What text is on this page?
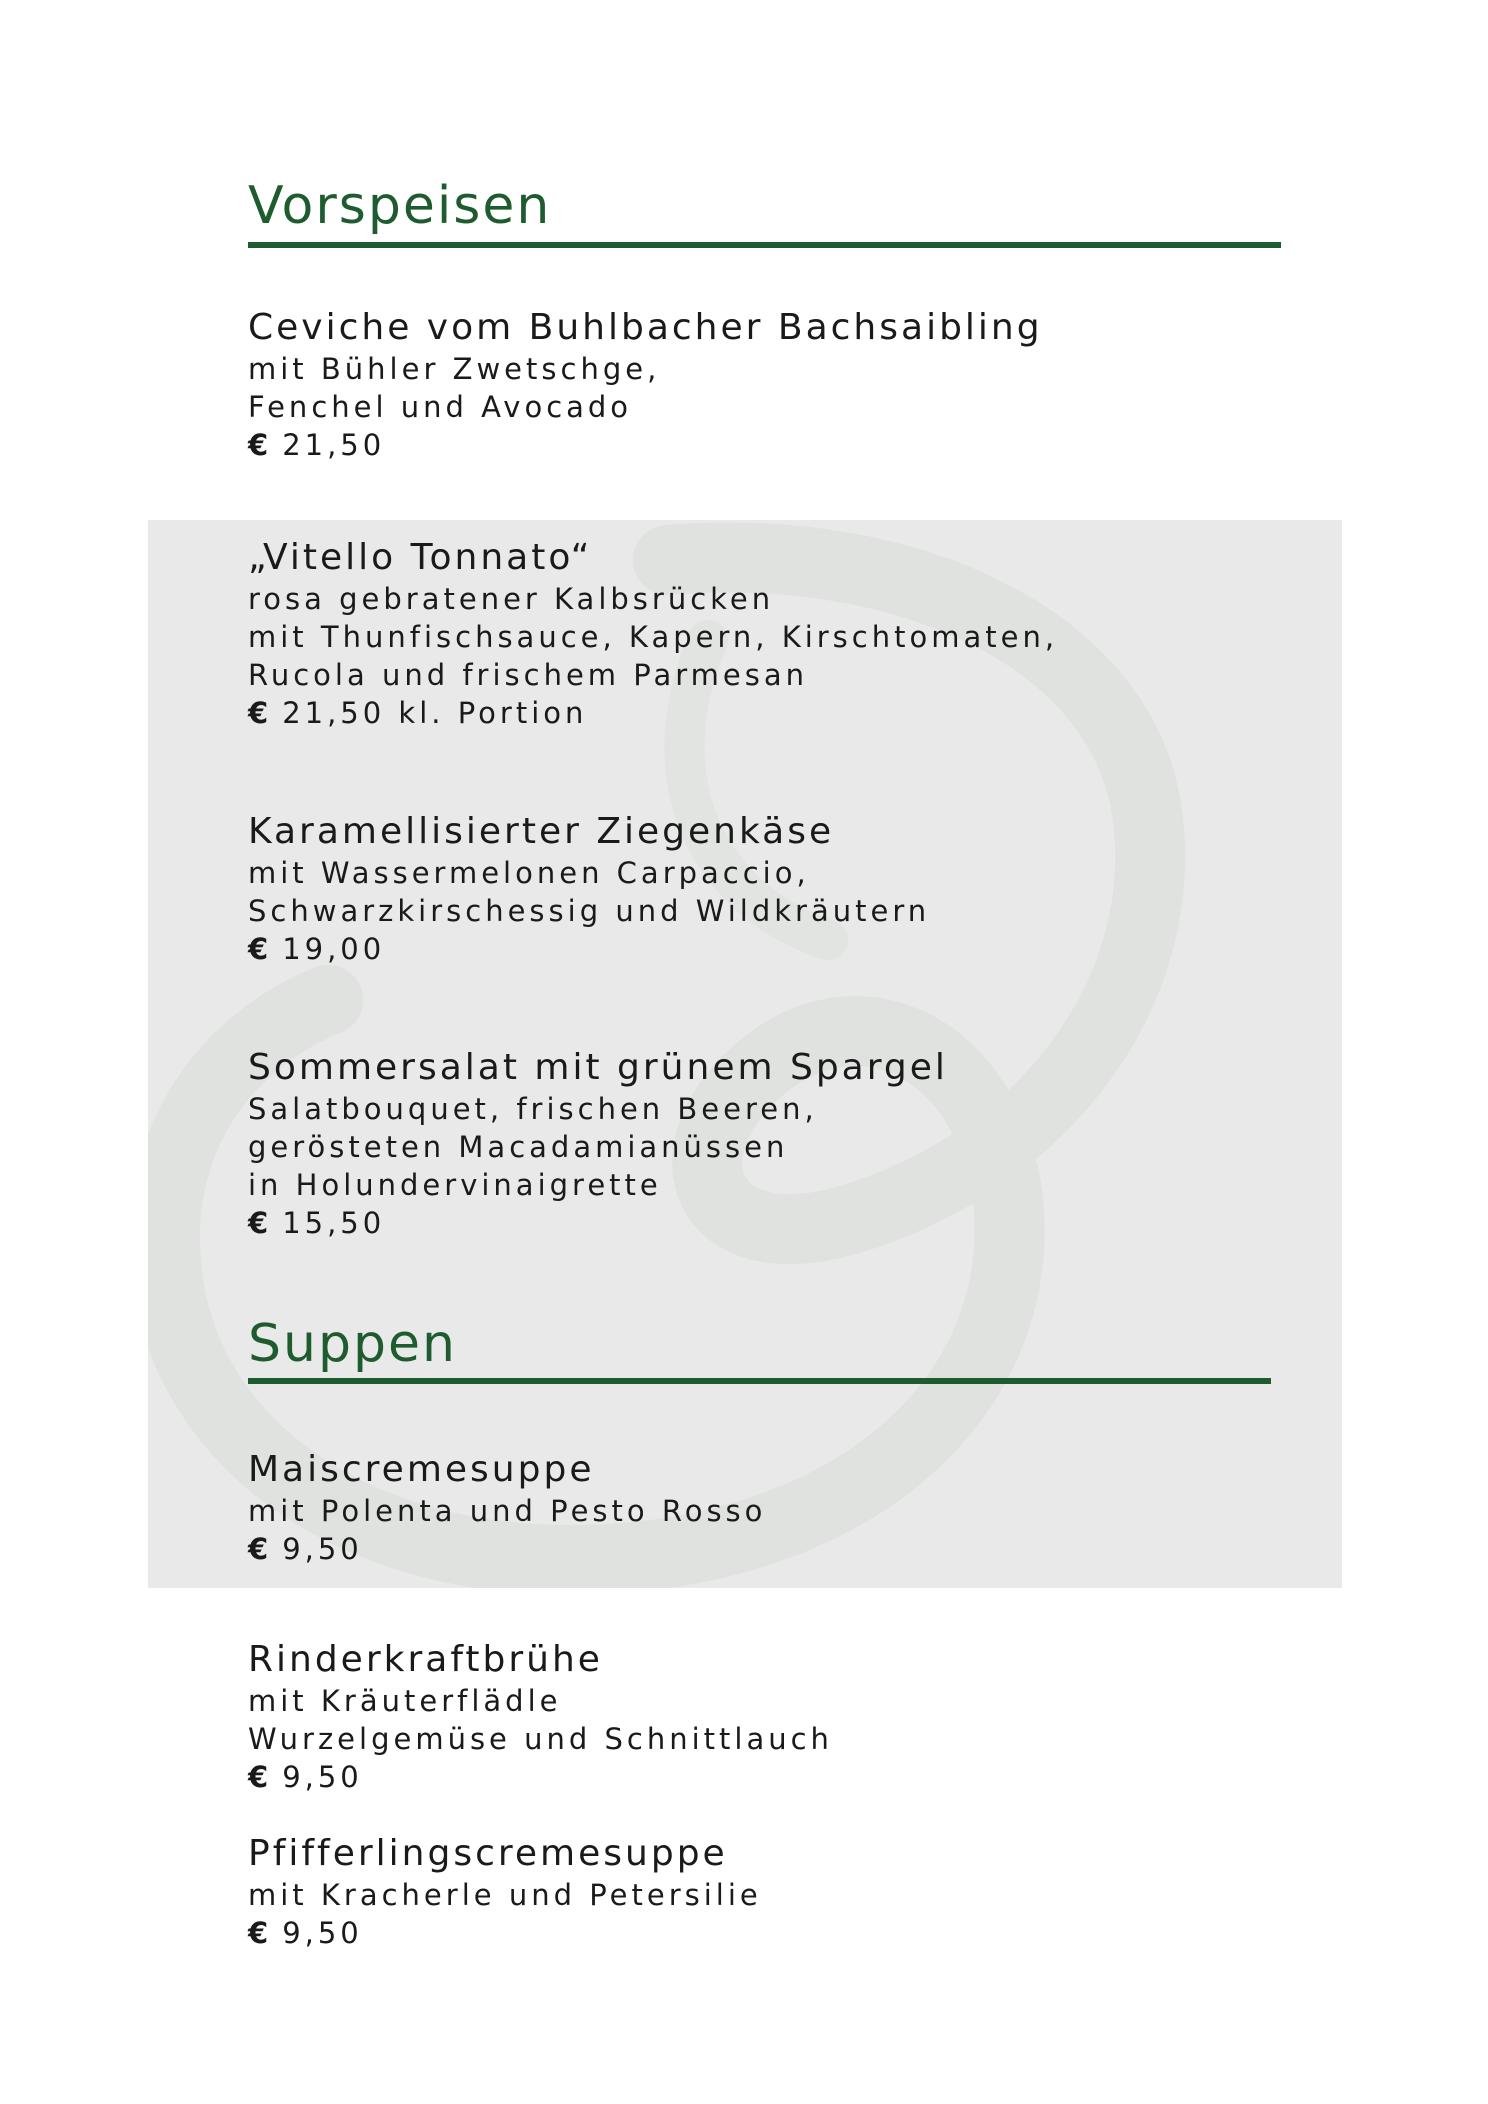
Vorspeisen
Ceviche vom Buhlbacher Bachsaibling
mit Bühler Zwetschge,
Fenchel und Avocado
€ 21,50
„Vitello Tonnato“
rosa gebratener Kalbsrücken
mit Thunfischsauce, Kapern, Kirschtomaten,
Rucola und frischem Parmesan
€ 21,50 kl. Portion
Karamellisierter Ziegenkäse
mit Wassermelonen Carpaccio,
Schwarzkirschessig und Wildkräutern
€ 19,00
Sommersalat mit grünem Spargel
Salatbouquet, frischen Beeren,
gerösteten Macadamianüssen
in Holundervinaigrette
€ 15,50
Suppen
Maiscremesuppe
mit Polenta und Pesto Rosso
€ 9,50
Rinderkraftbrühe
mit Kräuterflädle
Wurzelgemüse und Schnittlauch
€ 9,50
Pfifferlingscremesuppe
mit Kracherle und Petersilie
€ 9,50
